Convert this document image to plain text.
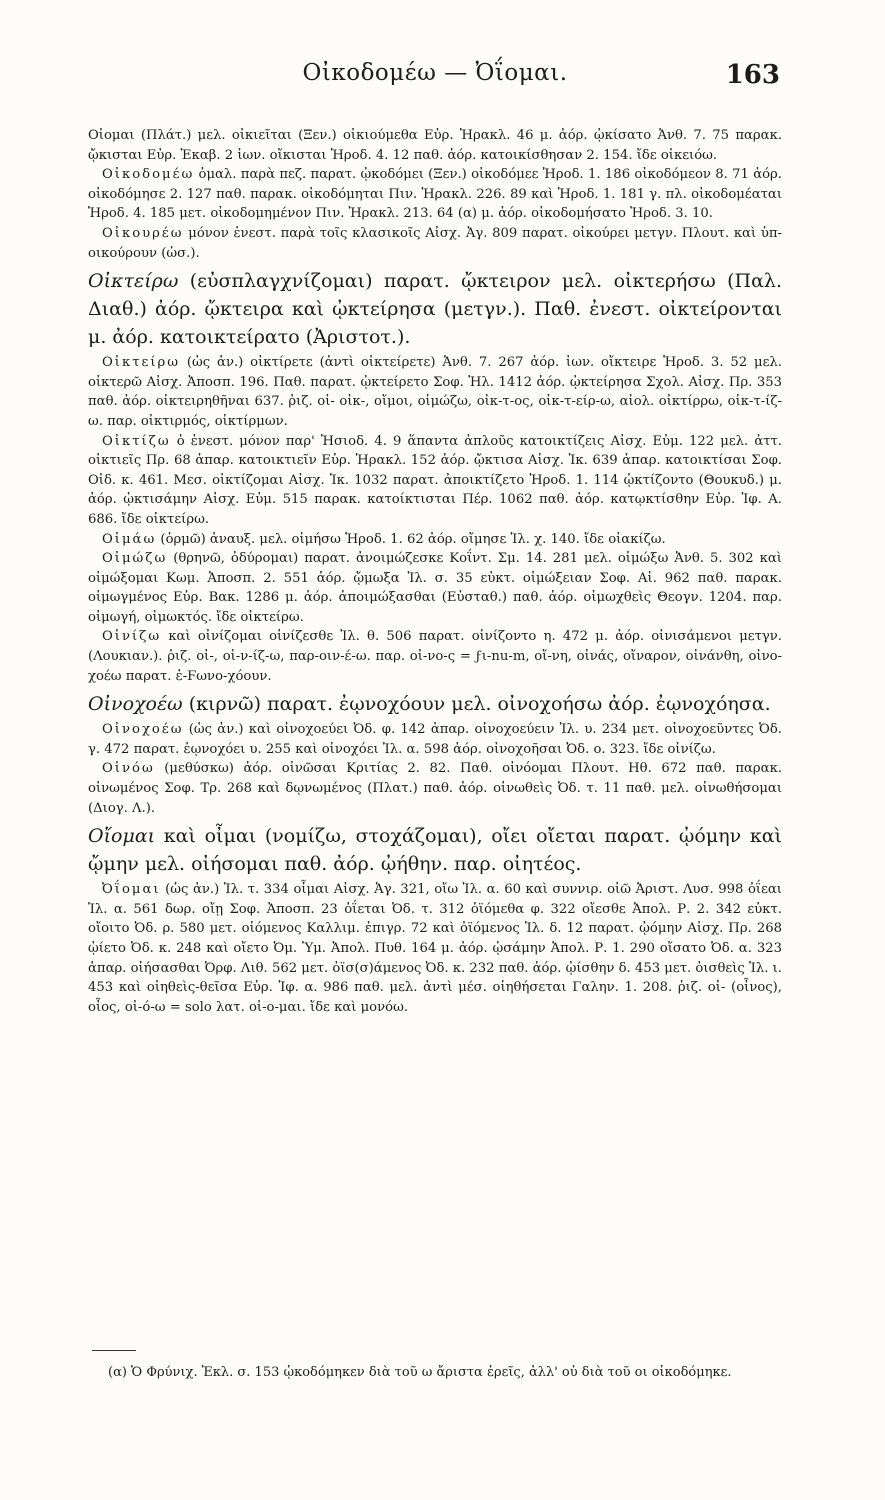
Οἰκοδομέω — Ὀΐομαι.	163

Οἰομαι (Πλάτ.) μελ. οἰκιεῖται (Ξεν.) οἰκιούμεθα Εὐρ. Ἡρακλ. 46 μ. ἀόρ. ᾠκίσατο Ἀνθ. 7. 75 παρακ. ᾤκισται Εὐρ. Ἑκαβ. 2 ἰων. οἴκισται Ἡροδ. 4. 12 παθ. ἀόρ. κατοικίσθησαν 2. 154. ἴδε οἰκειόω.

Οἰκοδομέω ὁμαλ. παρὰ πεζ. παρατ. ᾠκοδόμει (Ξεν.) οἰκοδόμεε Ἡροδ. 1. 186 οἰκοδόμεον 8. 71 ἀόρ. οἰκοδόμησε 2. 127 παθ. παρακ. οἰκοδόμηται Πιν. Ἡρακλ. 226. 89 καὶ Ἡροδ. 1. 181 γ. πλ. οἰκοδομέαται Ἡροδ. 4. 185 μετ. οἰκοδομημένον Πιν. Ἡρακλ. 213. 64 (α) μ. ἀόρ. οἰκοδομήσατο Ἡροδ. 3. 10.

Οἰκουρέω μόνον ἐνεστ. παρὰ τοῖς κλασικοῖς Αἰσχ. Ἀγ. 809 παρατ. οἰκούρει μετγν. Πλουτ. καὶ ὑπ-οικούρουν (ὡσ.).

Οἰκτείρω (εὐσπλαγχνίζομαι) παρατ. ᾤκτειρον μελ. οἰκτερήσω (Παλ. Διαθ.) ἀόρ. ᾤκτειρα καὶ ᾠκτείρησα (μετγν.). Παθ. ἐνεστ. οἰκτείρονται μ. ἀόρ. κατοικτείρατο (Ἀριστοτ.).

Οἰκτείρω (ὡς ἀν.) οἰκτίρετε (ἀντὶ οἰκτείρετε) Ἀνθ. 7. 267 ἀόρ. ἰων. οἴκτειρε Ἡροδ. 3. 52 μελ. οἰκτερῶ Αἰσχ. Ἀποσπ. 196. Παθ. παρατ. ᾠκτείρετο Σοφ. Ἠλ. 1412 ἀόρ. ᾠκτείρησα Σχολ. Αἰσχ. Πρ. 353 παθ. ἀόρ. οἰκτειρηθῆναι 637. ῥιζ. οἰ- οἰκ-, οἴμοι, οἰμώζω, οἰκ-τ-ος, οἰκ-τ-είρ-ω, αἰολ. οἰκτίρρω, οἰκ-τ-ίζ-ω. παρ. οἰκτιρμός, οἰκτίρμων.

Οἰκτίζω ὁ ἐνεστ. μόνον παρ' Ἡσιοδ. 4. 9 ἅπαντα ἁπλοῦς κατοικτίζεις Αἰσχ. Εὐμ. 122 μελ. ἀττ. οἰκτιεῖς Πρ. 68 ἀπαρ. κατοικτιεῖν Εὐρ. Ἡρακλ. 152 ἀόρ. ᾤκτισα Αἰσχ. Ἱκ. 639 ἀπαρ. κατοικτίσαι Σοφ. Οἰδ. κ. 461. Μεσ. οἰκτίζομαι Αἰσχ. Ἱκ. 1032 παρατ. ἀποικτίζετο Ἡροδ. 1. 114 ᾠκτίζοντο (Θουκυδ.) μ. ἀόρ. ᾠκτισάμην Αἰσχ. Εὐμ. 515 παρακ. κατοίκτισται Πέρ. 1062 παθ. ἀόρ. κατῳκτίσθην Εὐρ. Ἰφ. Α. 686. ἴδε οἰκτείρω.

Οἰμάω (ὁρμῶ) ἀναυξ. μελ. οἰμήσω Ἡροδ. 1. 62 ἀόρ. οἴμησε Ἰλ. χ. 140. ἴδε οἰακίζω.

Οἰμώζω (θρηνῶ, ὀδύρομαι) παρατ. ἀνοιμώζεσκε Κοΐντ. Σμ. 14. 281 μελ. οἰμώξω Ἀνθ. 5. 302 καὶ οἰμώξομαι Κωμ. Ἀποσπ. 2. 551 ἀόρ. ᾤμωξα Ἰλ. σ. 35 εὐκτ. οἰμώξειαν Σοφ. Αἰ. 962 παθ. παρακ. οἰμωγμένος Εὐρ. Βακ. 1286 μ. ἀόρ. ἀποιμώξασθαι (Εὐσταθ.) παθ. ἀόρ. οἰμωχθεὶς Θεογν. 1204. παρ. οἰμωγή, οἰμωκτός. ἴδε οἰκτείρω.

Οἰνίζω καὶ οἰνίζομαι οἰνίζεσθε Ἰλ. θ. 506 παρατ. οἰνίζοντο η. 472 μ. ἀόρ. οἰνισάμενοι μετγν. (Λουκιαν.). ῥιζ. οἰ-, οἰ-ν-ίζ-ω, παρ-οιν-έ-ω. παρ. οἰ-νο-ς = ϝι-nu-m, οἴ-νη, οἰνάς, οἴναρον, οἰνάνθη, οἰνο-χοέω παρατ. ἐ-Ϝωνο-χόουν.

Οἰνοχοέω (κιρνῶ) παρατ. ἐῳνοχόουν μελ. οἰνοχοήσω ἀόρ. ἐῳνοχόησα.

Οἰνοχοέω (ὡς ἀν.) καὶ οἰνοχοεύει Ὀδ. φ. 142 ἀπαρ. οἰνοχοεύειν Ἰλ. υ. 234 μετ. οἰνοχοεῦντες Ὀδ. γ. 472 παρατ. ἐῳνοχόει υ. 255 καὶ οἰνοχόει Ἰλ. α. 598 ἀόρ. οἰνοχοῆσαι Ὀδ. ο. 323. ἴδε οἰνίζω.

Οἰνόω (μεθύσκω) ἀόρ. οἰνῶσαι Κριτίας 2. 82. Παθ. οἰνόομαι Πλουτ. Ηθ. 672 παθ. παρακ. οἰνωμένος Σοφ. Τρ. 268 καὶ δῳνωμένος (Πλατ.) παθ. ἀόρ. οἰνωθεὶς Ὀδ. τ. 11 παθ. μελ. οἰνωθήσομαι (Διογ. Λ.).

Οἴομαι καὶ οἶμαι (νομίζω, στοχάζομαι), οἴει οἴεται παρατ. ᾠόμην καὶ ᾤμην μελ. οἰήσομαι παθ. ἀόρ. ᾠήθην. παρ. οἰητέος.

Ὀΐομαι (ὡς ἀν.) Ἰλ. τ. 334 οἶμαι Αἰσχ. Ἀγ. 321, οἴω Ἰλ. α. 60 καὶ συννιρ. οἰῶ Ἀριστ. Λυσ. 998 ὀΐεαι Ἰλ. α. 561 δωρ. οἴῃ Σοφ. Ἀποσπ. 23 ὀΐεται Ὀδ. τ. 312 ὀϊόμεθα φ. 322 οἴεσθε Ἀπολ. Ρ. 2. 342 εὐκτ. οἴοιτο Ὀδ. ρ. 580 μετ. οἰόμενος Καλλιμ. ἐπιγρ. 72 καὶ ὀϊόμενος Ἰλ. δ. 12 παρατ. ᾠόμην Αἰσχ. Πρ. 268 ᾠίετο Ὀδ. κ. 248 καὶ οἴετο Ὀμ. Ὑμ. Ἀπολ. Πυθ. 164 μ. ἀόρ. ᾠσάμην Ἀπολ. Ρ. 1. 290 οἴσατο Ὀδ. α. 323 ἀπαρ. οἰήσασθαι Ὀρφ. Λιθ. 562 μετ. ὀϊσ(σ)άμενος Ὀδ. κ. 232 παθ. ἀόρ. ᾠίσθην δ. 453 μετ. ὀισθεὶς Ἰλ. ι. 453 καὶ οἰηθεὶς-θεῖσα Εὐρ. Ἰφ. α. 986 παθ. μελ. ἀντὶ μέσ. οἰηθήσεται Γαλην. 1. 208. ῥιζ. οἰ- (οἶνος), οἶος, οἰ-ό-ω = solo λατ. οἰ-ο-μαι. ἴδε καὶ μονόω.

(α) Ὁ Φρύνιχ. Ἐκλ. σ. 153 ᾠκοδόμηκεν διὰ τοῦ ω ἄριστα ἐρεῖς, ἀλλ' οὐ διὰ τοῦ οι οἰκοδόμηκε.
